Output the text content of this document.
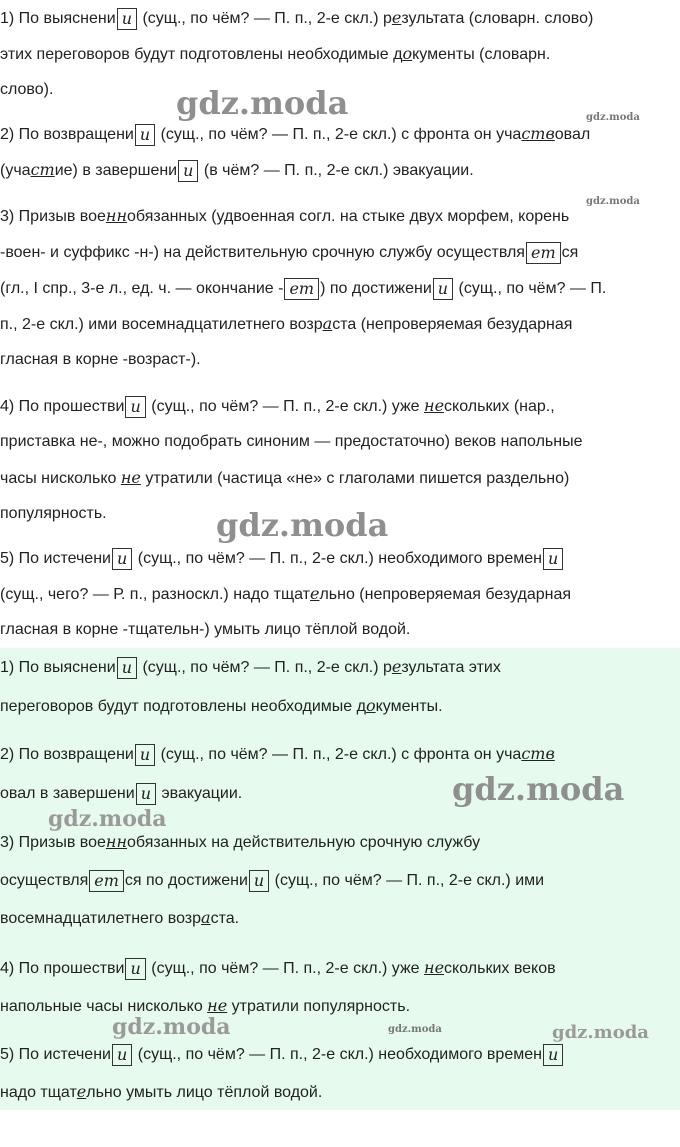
1) По выяснени и (сущ., по чём? — П. п., 2-е скл.) результата (словарн. слово)
этих переговоров будут подготовлены необходимые документы (словарн.
слово).
2) По возвращени и (сущ., по чём? — П. п., 2-е скл.) с фронта он участвовал
(участие) в завершени и (в чём? — П. п., 2-е скл.) эвакуации.
3) Призыв военнобязанных (удвоенная согл. на стыке двух морфем, корень
-воен- и суффикс -н-) на действительную срочную службу осуществля ет ся
(гл., I спр., 3-е л., ед. ч. — окончание - ет ) по достижени и (сущ., по чём? — П.
п., 2-е скл.) ими восемнадцатилетнего возраста (непроверяемая безударная
гласная в корне -возраст-).
4) По прошестви и (сущ., по чём? — П. п., 2-е скл.) уже нескольких (нар.,
приставка не-, можно подобрать синоним — предостаточно) веков напольные
часы нисколько не утратили (частица «не» с глаголами пишется раздельно)
популярность.
5) По истечени и (сущ., по чём? — П. п., 2-е скл.) необходимого времен и
(сущ., чего? — Р. п., разноскл.) надо тщательно (непроверяемая безударная
гласная в корне -тщательн-) умыть лицо тёплой водой.
1) По выяснени и (сущ., по чём? — П. п., 2-е скл.) результата этих
переговоров будут подготовлены необходимые документы.
2) По возвращени и (сущ., по чём? — П. п., 2-е скл.) с фронта он участв
овал в завершени и эвакуации.
3) Призыв военнобязанных на действительную срочную службу
осуществля ет ся по достижени и (сущ., по чём? — П. п., 2-е скл.) ими
восемнадцатилетнего возраста.
4) По прошестви и (сущ., по чём? — П. п., 2-е скл.) уже нескольких веков
напольные часы нисколько не утратили популярность.
5) По истечени и (сущ., по чём? — П. п., 2-е скл.) необходимого времен и
надо тщательно умыть лицо тёплой водой.
gdz.moda	gdz.moda
gdz.moda
gdz.moda
gdz.moda
gdz.moda
gdz.moda	gdz.moda	gdz.moda
